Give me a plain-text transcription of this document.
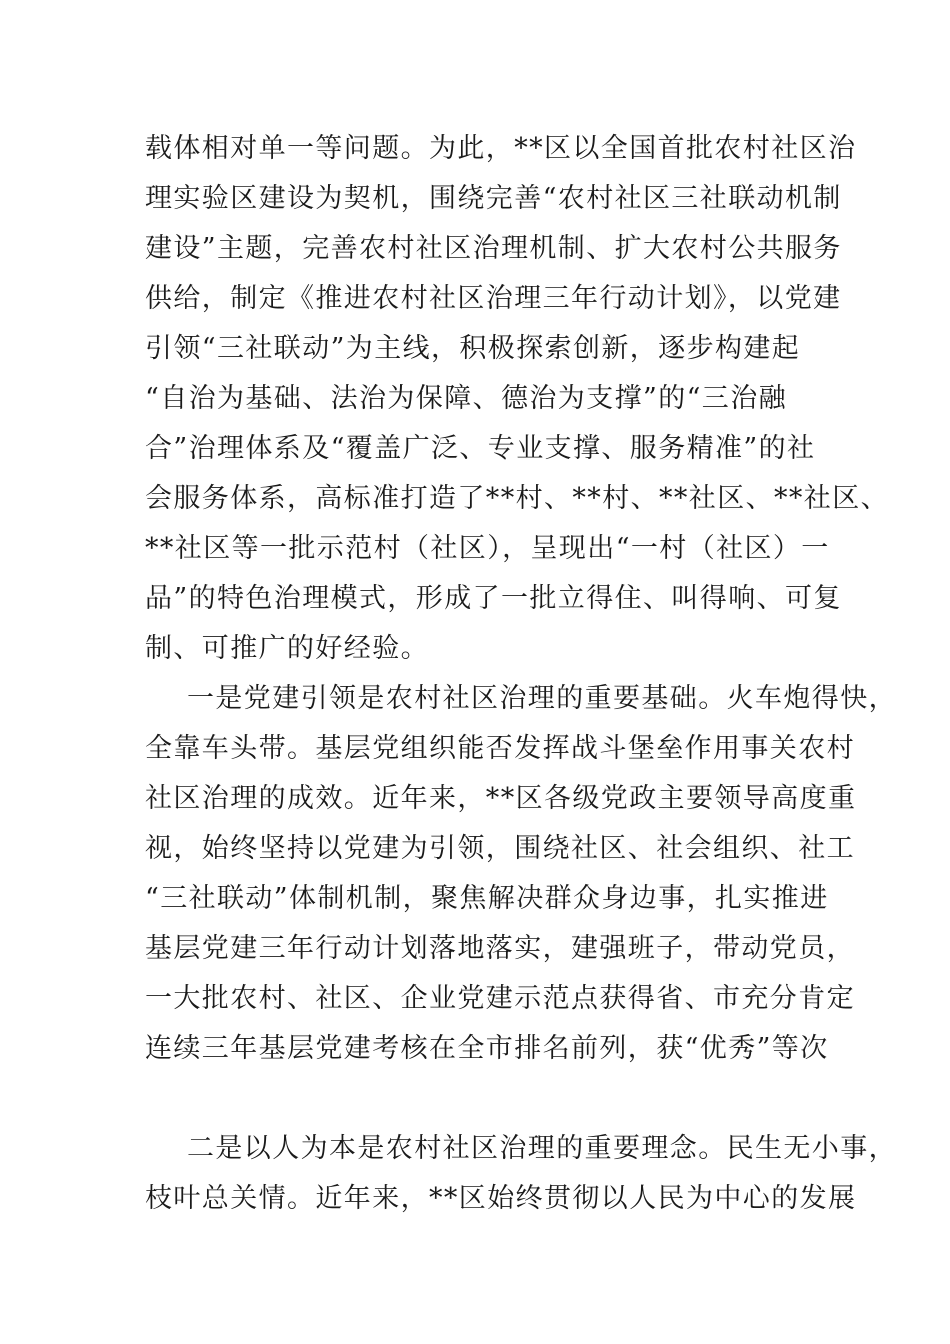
载体相对单一等问题。为此，**区以全国首批农村社区治
理实验区建设为契机，围绕完善“农村社区三社联动机制
建设”主题，完善农村社区治理机制、扩大农村公共服务
供给，制定《推进农村社区治理三年行动计划》，以党建
引领“三社联动”为主线，积极探索创新，逐步构建起
“自治为基础、法治为保障、德治为支撑”的“三治融
合”治理体系及“覆盖广泛、专业支撑、服务精准”的社
会服务体系，高标准打造了**村、**村、**社区、**社区、
**社区等一批示范村（社区），呈现出“一村（社区）一
品”的特色治理模式，形成了一批立得住、叫得响、可复
制、可推广的好经验。
一是党建引领是农村社区治理的重要基础。火车炮得快，
全靠车头带。基层党组织能否发挥战斗堡垒作用事关农村
社区治理的成效。近年来，**区各级党政主要领导高度重
视，始终坚持以党建为引领，围绕社区、社会组织、社工
“三社联动”体制机制，聚焦解决群众身边事，扎实推进
基层党建三年行动计划落地落实，建强班子，带动党员，
一大批农村、社区、企业党建示范点获得省、市充分肯定
连续三年基层党建考核在全市排名前列，获“优秀”等次
二是以人为本是农村社区治理的重要理念。民生无小事，
枝叶总关情。近年来，**区始终贯彻以人民为中心的发展
